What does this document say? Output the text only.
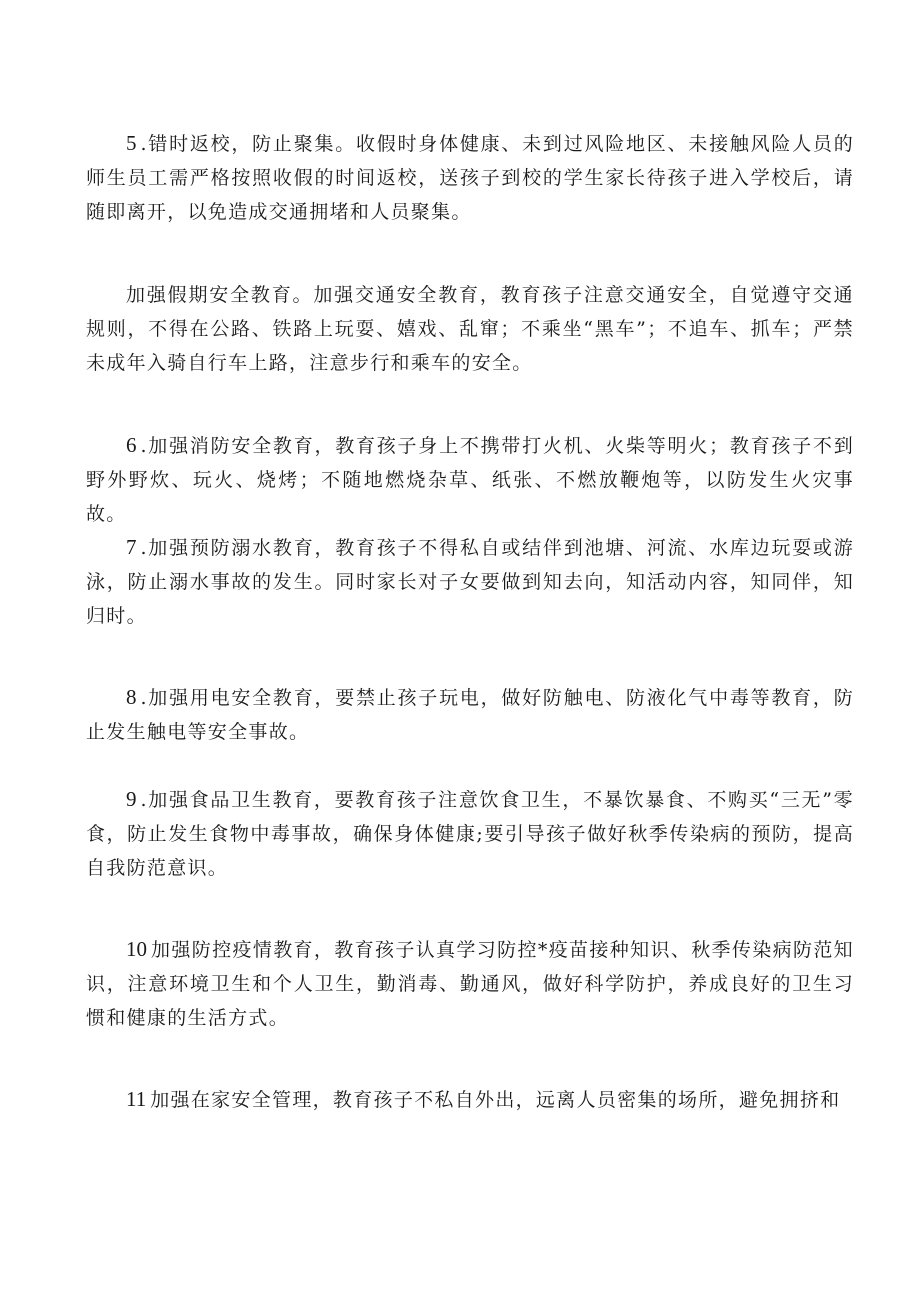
5 .错时返校，防止聚集。收假时身体健康、未到过风险地区、未接触风险人员的师生员工需严格按照收假的时间返校，送孩子到校的学生家长待孩子进入学校后，请随即离开，以免造成交通拥堵和人员聚集。

加强假期安全教育。加强交通安全教育，教育孩子注意交通安全，自觉遵守交通规则，不得在公路、铁路上玩耍、嬉戏、乱窜；不乘坐“黑车”；不追车、抓车；严禁未成年入骑自行车上路，注意步行和乘车的安全。

6 .加强消防安全教育，教育孩子身上不携带打火机、火柴等明火；教育孩子不到野外野炊、玩火、烧烤；不随地燃烧杂草、纸张、不燃放鞭炮等，以防发生火灾事故。

7 .加强预防溺水教育，教育孩子不得私自或结伴到池塘、河流、水库边玩耍或游泳，防止溺水事故的发生。同时家长对子女要做到知去向，知活动内容，知同伴，知归时。

8 .加强用电安全教育，要禁止孩子玩电，做好防触电、防液化气中毒等教育，防止发生触电等安全事故。

9 .加强食品卫生教育，要教育孩子注意饮食卫生，不暴饮暴食、不购买“三无”零食，防止发生食物中毒事故，确保身体健康;要引导孩子做好秋季传染病的预防，提高自我防范意识。

10 加强防控疫情教育，教育孩子认真学习防控*疫苗接种知识、秋季传染病防范知识，注意环境卫生和个人卫生，勤消毒、勤通风，做好科学防护，养成良好的卫生习惯和健康的生活方式。

11 加强在家安全管理，教育孩子不私自外出，远离人员密集的场所，避免拥挤和
